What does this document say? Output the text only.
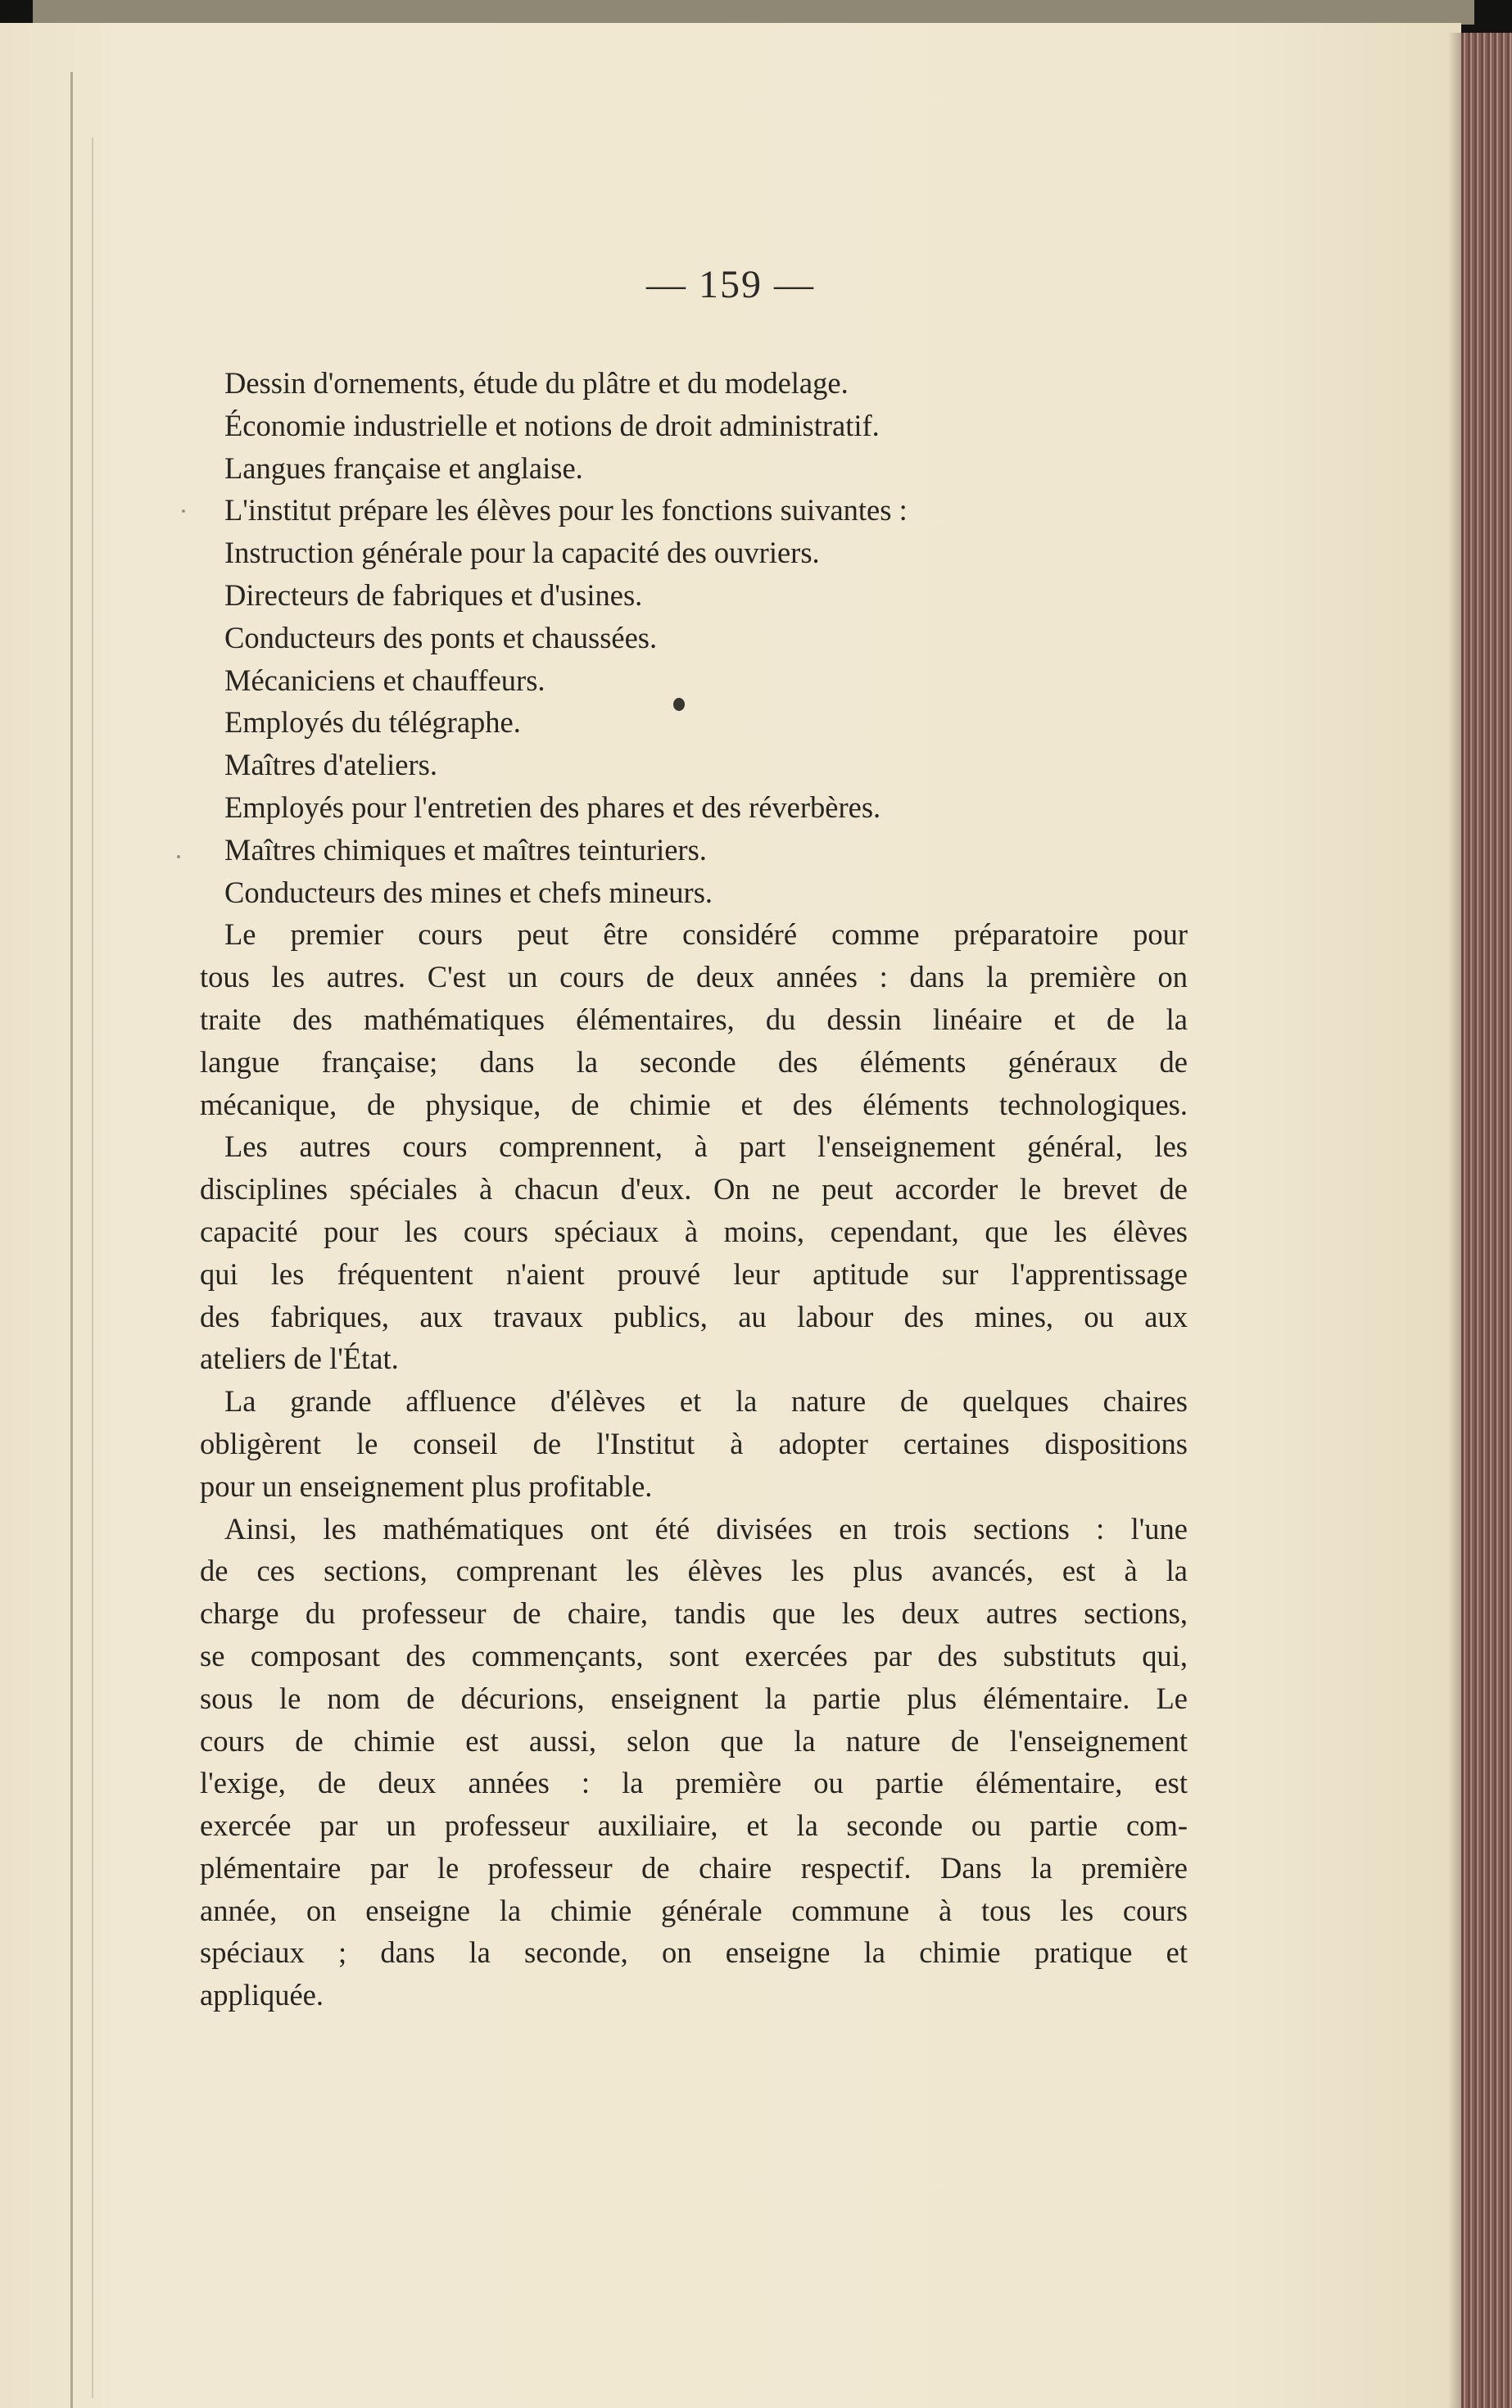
— 159 —
Dessin d'ornements, étude du plâtre et du modelage.
Économie industrielle et notions de droit administratif.
Langues française et anglaise.
L'institut prépare les élèves pour les fonctions suivantes :
Instruction générale pour la capacité des ouvriers.
Directeurs de fabriques et d'usines.
Conducteurs des ponts et chaussées.
Mécaniciens et chauffeurs.
Employés du télégraphe.
Maîtres d'ateliers.
Employés pour l'entretien des phares et des réverbères.
Maîtres chimiques et maîtres teinturiers.
Conducteurs des mines et chefs mineurs.
Le premier cours peut être considéré comme préparatoire pour
tous les autres. C'est un cours de deux années : dans la première on
traite des mathématiques élémentaires, du dessin linéaire et de la
langue française; dans la seconde des éléments généraux de
mécanique, de physique, de chimie et des éléments technologiques.
Les autres cours comprennent, à part l'enseignement général, les
disciplines spéciales à chacun d'eux. On ne peut accorder le brevet de
capacité pour les cours spéciaux à moins, cependant, que les élèves
qui les fréquentent n'aient prouvé leur aptitude sur l'apprentissage
des fabriques, aux travaux publics, au labour des mines, ou aux
ateliers de l'État.
La grande affluence d'élèves et la nature de quelques chaires
obligèrent le conseil de l'Institut à adopter certaines dispositions
pour un enseignement plus profitable.
Ainsi, les mathématiques ont été divisées en trois sections : l'une
de ces sections, comprenant les élèves les plus avancés, est à la
charge du professeur de chaire, tandis que les deux autres sections,
se composant des commençants, sont exercées par des substituts qui,
sous le nom de décurions, enseignent la partie plus élémentaire. Le
cours de chimie est aussi, selon que la nature de l'enseignement
l'exige, de deux années : la première ou partie élémentaire, est
exercée par un professeur auxiliaire, et la seconde ou partie com-
plémentaire par le professeur de chaire respectif. Dans la première
année, on enseigne la chimie générale commune à tous les cours
spéciaux ; dans la seconde, on enseigne la chimie pratique et
appliquée.
